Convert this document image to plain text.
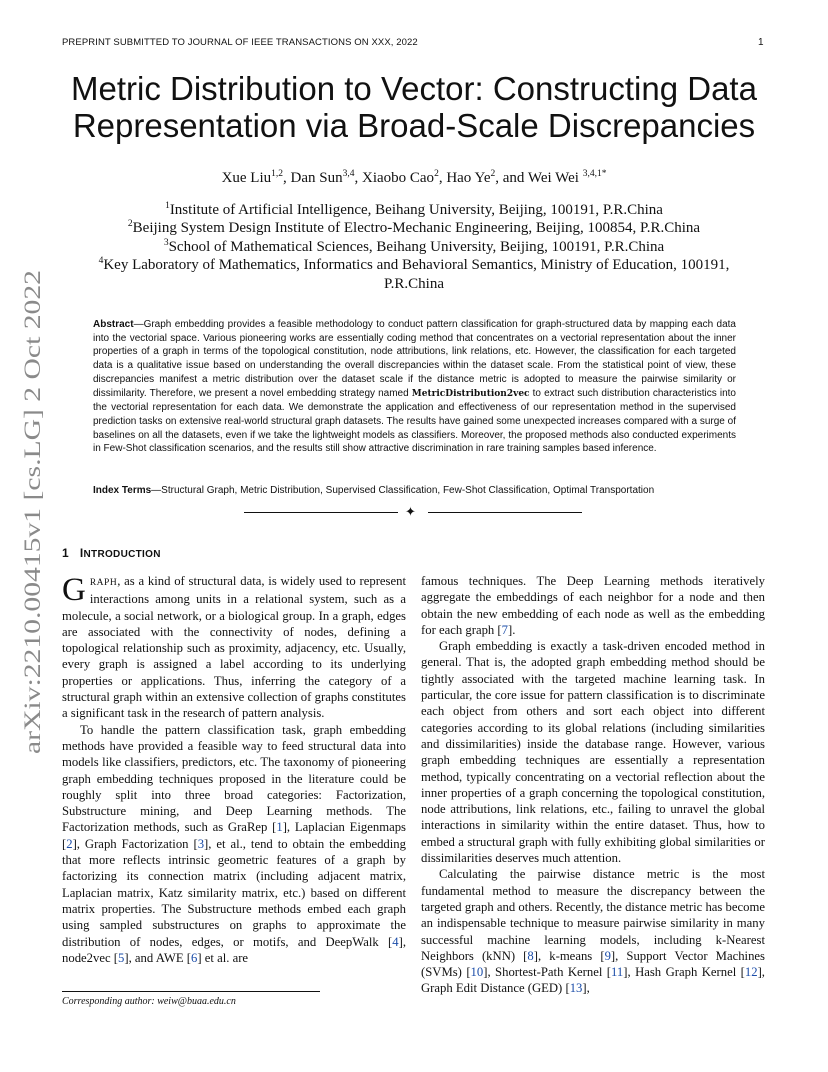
PREPRINT SUBMITTED TO JOURNAL OF IEEE TRANSACTIONS ON XXX, 2022	1
arXiv:2210.00415v1 [cs.LG] 2 Oct 2022
Metric Distribution to Vector: Constructing Data
Representation via Broad-Scale Discrepancies
Xue Liu$^{1,2}$, Dan Sun$^{3,4}$, Xiaobo Cao$^2$, Hao Ye$^2$, and Wei Wei $^{3,4,1*}$
$^1$Institute of Artificial Intelligence, Beihang University, Beijing, 100191, P.R.China
$^2$Beijing System Design Institute of Electro-Mechanic Engineering, Beijing, 100854, P.R.China
$^3$School of Mathematical Sciences, Beihang University, Beijing, 100191, P.R.China
$^4$Key Laboratory of Mathematics, Informatics and Behavioral Semantics, Ministry of Education, 100191,
P.R.China
Abstract—Graph embedding provides a feasible methodology to conduct pattern classification for graph-structured data by mapping each data into the vectorial space. Various pioneering works are essentially coding method that concentrates on a vectorial representation about the inner properties of a graph in terms of the topological constitution, node attributions, link relations, etc. However, the classification for each targeted data is a qualitative issue based on understanding the overall discrepancies within the dataset scale. From the statistical point of view, these discrepancies manifest a metric distribution over the dataset scale if the distance metric is adopted to measure the pairwise similarity or dissimilarity. Therefore, we present a novel embedding strategy named MetricDistribution2vec to extract such distribution characteristics into the vectorial representation for each data. We demonstrate the application and effectiveness of our representation method in the supervised prediction tasks on extensive real-world structural graph datasets. The results have gained some unexpected increases compared with a surge of baselines on all the datasets, even if we take the lightweight models as classifiers. Moreover, the proposed methods also conducted experiments in Few-Shot classification scenarios, and the results still show attractive discrimination in rare training samples based inference.
Index Terms—Structural Graph, Metric Distribution, Supervised Classification, Few-Shot Classification, Optimal Transportation
✦
1 INTRODUCTION

GRAPH, as a kind of structural data, is widely used to represent interactions among units in a relational system, such as a molecule, a social network, or a biological group. In a graph, edges are associated with the connectivity of nodes, defining a topological relationship such as proximity, adjacency, etc. Usually, every graph is assigned a label according to its underlying properties or applications. Thus, inferring the category of a structural graph within an extensive collection of graphs constitutes a significant task in the research of pattern analysis.

To handle the pattern classification task, graph embedding methods have provided a feasible way to feed structural data into models like classifiers, predictors, etc. The taxonomy of pioneering graph embedding techniques proposed in the literature could be roughly split into three broad categories: Factorization, Substructure mining, and Deep Learning methods. The Factorization methods, such as GraRep [1], Laplacian Eigenmaps [2], Graph Factorization [3], et al., tend to obtain the embedding that more reflects intrinsic geometric features of a graph by factorizing its connection matrix (including adjacent matrix, Laplacian matrix, Katz similarity matrix, etc.) based on different matrix properties. The Substructure methods embed each graph using sampled substructures on graphs to approximate the distribution of nodes, edges, or motifs, and DeepWalk [4], node2vec [5], and AWE [6] et al. are

famous techniques. The Deep Learning methods iteratively aggregate the embeddings of each neighbor for a node and then obtain the new embedding of each node as well as the embedding for each graph [7].

Graph embedding is exactly a task-driven encoded method in general. That is, the adopted graph embedding method should be tightly associated with the targeted machine learning task. In particular, the core issue for pattern classification is to discriminate each object from others and sort each object into different categories according to its global relations (including similarities and dissimilarities) inside the database range. However, various graph embedding techniques are essentially a representation method, typically concentrating on a vectorial reflection about the inner properties of a graph concerning the topological constitution, node attributions, link relations, etc., failing to unravel the global interactions in similarity within the entire dataset. Thus, how to embed a structural graph with fully exhibiting global similarities or dissimilarities deserves much attention.

Calculating the pairwise distance metric is the most fundamental method to measure the discrepancy between the targeted graph and others. Recently, the distance metric has become an indispensable technique to measure pairwise similarity in many successful machine learning models, including k-Nearest Neighbors (kNN) [8], k-means [9], Support Vector Machines (SVMs) [10], Shortest-Path Kernel [11], Hash Graph Kernel [12], Graph Edit Distance (GED) [13],

Corresponding author: weiw@buaa.edu.cn
